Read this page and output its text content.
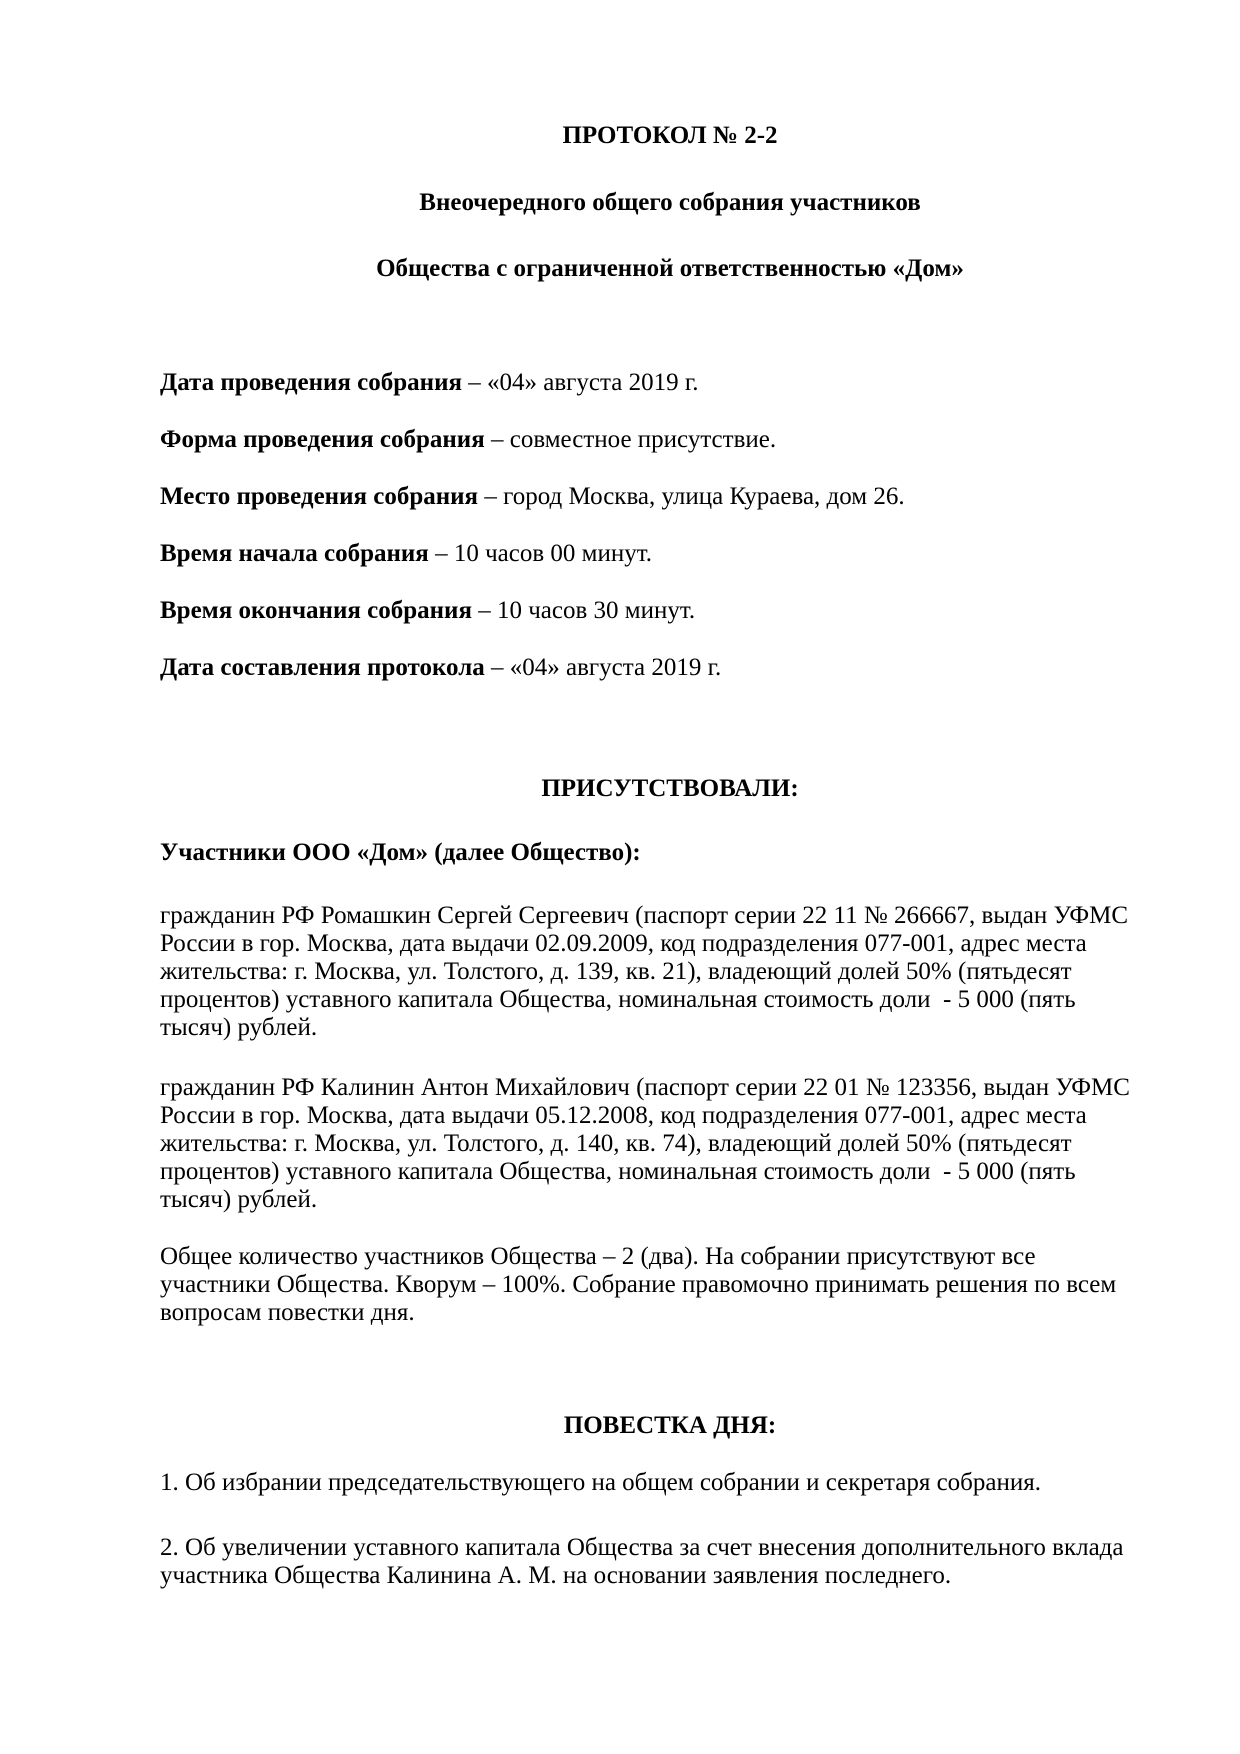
ПРОТОКОЛ № 2-2
Внеочередного общего собрания участников
Общества с ограниченной ответственностью «Дом»

Дата проведения собрания – «04» августа 2019 г.

Форма проведения собрания – совместное присутствие.

Место проведения собрания – город Москва, улица Кураева, дом 26.

Время начала собрания – 10 часов 00 минут.

Время окончания собрания – 10 часов 30 минут.

Дата составления протокола – «04» августа 2019 г.

ПРИСУТСТВОВАЛИ:

Участники ООО «Дом» (далее Общество):

гражданин РФ Ромашкин Сергей Сергеевич (паспорт серии 22 11 № 266667, выдан УФМС России в гор. Москва, дата выдачи 02.09.2009, код подразделения 077-001, адрес места жительства: г. Москва, ул. Толстого, д. 139, кв. 21), владеющий долей 50% (пятьдесят процентов) уставного капитала Общества, номинальная стоимость доли  - 5 000 (пять тысяч) рублей.

гражданин РФ Калинин Антон Михайлович (паспорт серии 22 01 № 123356, выдан УФМС России в гор. Москва, дата выдачи 05.12.2008, код подразделения 077-001, адрес места жительства: г. Москва, ул. Толстого, д. 140, кв. 74), владеющий долей 50% (пятьдесят процентов) уставного капитала Общества, номинальная стоимость доли  - 5 000 (пять тысяч) рублей.

Общее количество участников Общества – 2 (два). На собрании присутствуют все участники Общества. Кворум – 100%. Собрание правомочно принимать решения по всем вопросам повестки дня.

ПОВЕСТКА ДНЯ:

1. Об избрании председательствующего на общем собрании и секретаря собрания.

2. Об увеличении уставного капитала Общества за счет внесения дополнительного вклада участника Общества Калинина А. М. на основании заявления последнего.
